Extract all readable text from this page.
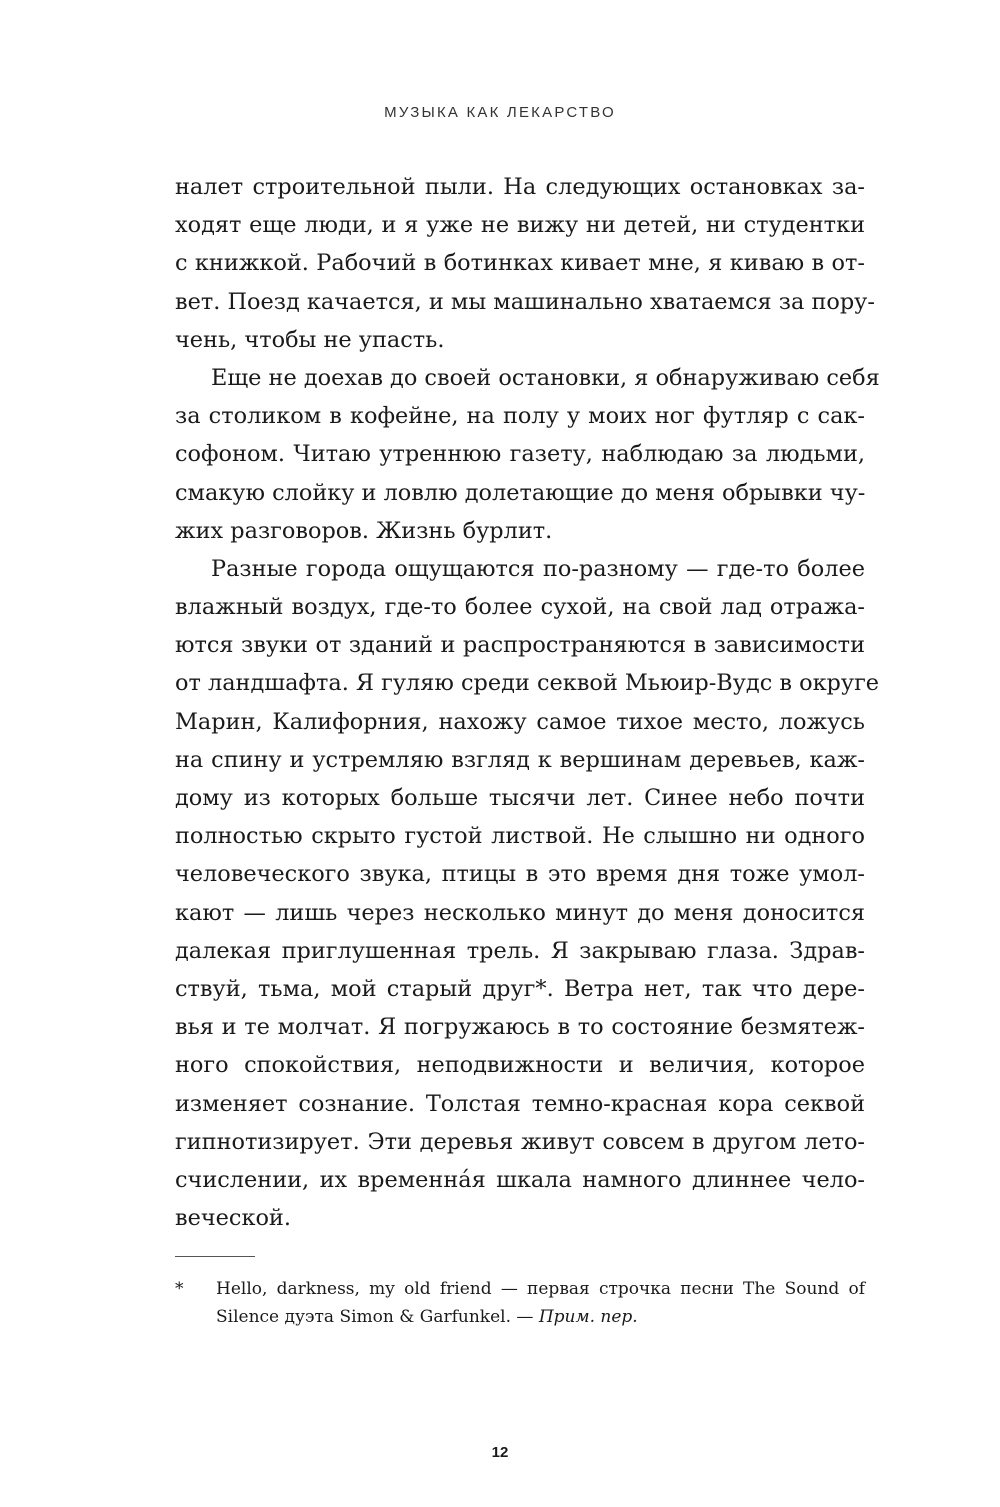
МУЗЫКА КАК ЛЕКАРСТВО
налет строительной пыли. На следующих остановках за-
ходят еще люди, и я уже не вижу ни детей, ни студентки
с книжкой. Рабочий в ботинках кивает мне, я киваю в от-
вет. Поезд качается, и мы машинально хватаемся за пору-
чень, чтобы не упасть.
Еще не доехав до своей остановки, я обнаруживаю себя
за столиком в кофейне, на полу у моих ног футляр с сак-
софоном. Читаю утреннюю газету, наблюдаю за людьми,
смакую слойку и ловлю долетающие до меня обрывки чу-
жих разговоров. Жизнь бурлит.
Разные города ощущаются по-разному — где-то более
влажный воздух, где-то более сухой, на свой лад отража-
ются звуки от зданий и распространяются в зависимости
от ландшафта. Я гуляю среди секвой Мьюир-Вудс в округе
Марин, Калифорния, нахожу самое тихое место, ложусь
на спину и устремляю взгляд к вершинам деревьев, каж-
дому из которых больше тысячи лет. Синее небо почти
полностью скрыто густой листвой. Не слышно ни одного
человеческого звука, птицы в это время дня тоже умол-
кают — лишь через несколько минут до меня доносится
далекая приглушенная трель. Я закрываю глаза. Здрав-
ствуй, тьма, мой старый друг*. Ветра нет, так что дере-
вья и те молчат. Я погружаюсь в то состояние безмятеж-
ного спокойствия, неподвижности и величия, которое
изменяет сознание. Толстая темно-красная кора секвой
гипнотизирует. Эти деревья живут совсем в другом лето-
счислении, их временна́я шкала намного длиннее чело-
веческой.
*	Hello, darkness, my old friend — первая строчка песни The Sound of
Silence дуэта Simon & Garfunkel. — Прим. пер.
12
